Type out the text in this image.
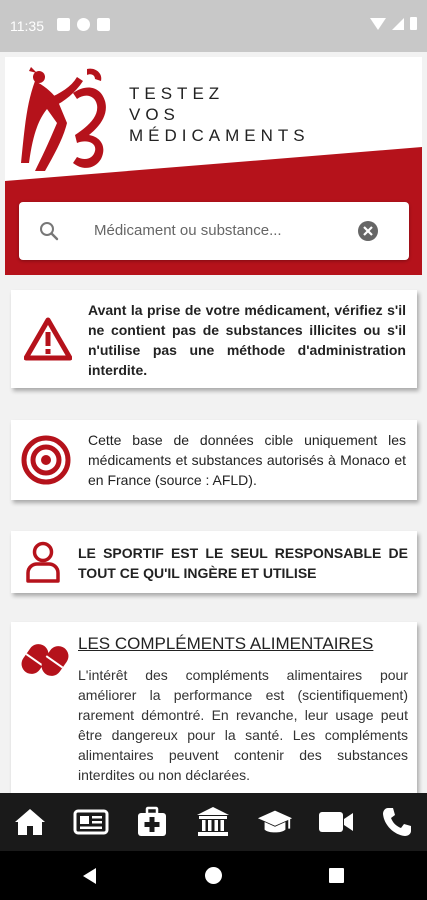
11:35
TESTEZ
VOS
MÉDICAMENTS
Médicament ou substance...
Avant la prise de votre médicament, vérifiez s'il ne contient pas de substances illicites ou s'il n'utilise pas une méthode d'administration interdite.
Cette base de données cible uniquement les médicaments et substances autorisés à Monaco et en France (source : AFLD).
LE SPORTIF EST LE SEUL RESPONSABLE DE TOUT CE QU'IL INGÈRE ET UTILISE
LES COMPLÉMENTS ALIMENTAIRES
L'intérêt des compléments alimentaires pour améliorer la performance est (scientifiquement) rarement démontré. En revanche, leur usage peut être dangereux pour la santé. Les compléments alimentaires peuvent contenir des substances interdites ou non déclarées.
